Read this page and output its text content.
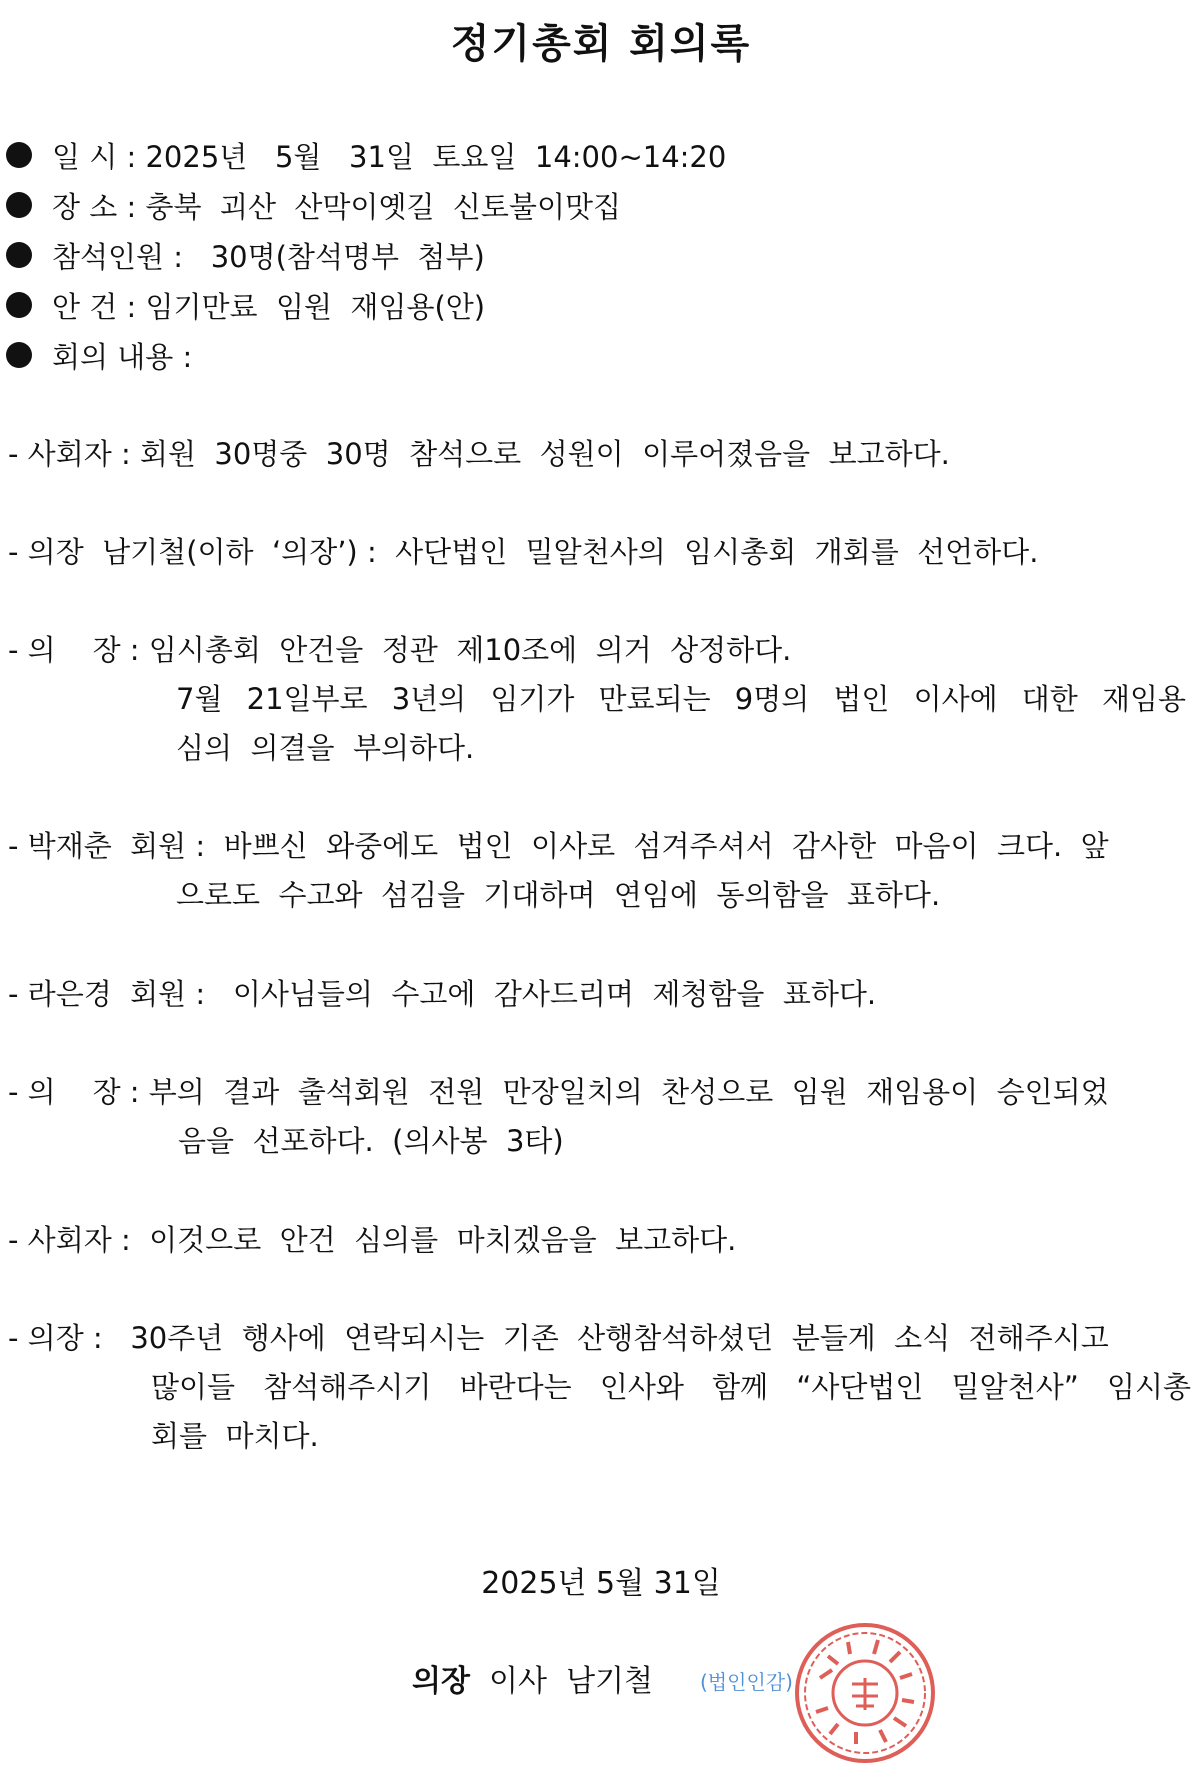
정기총회 회의록
일 시 : 2025년   5월   31일  토요일  14:00~14:20
장 소 : 충북  괴산  산막이옛길  신토불이맛집
참석인원 : 30명(참석명부  첨부)
안 건 : 임기만료  임원  재임용(안)
회의 내용 :
- 사회자 : 회원  30명중  30명  참석으로  성원이  이루어졌음을  보고하다.
- 의장  남기철(이하  ‘의장’) :  사단법인  밀알천사의  임시총회  개회를  선언하다.
- 의    장 : 임시총회  안건을  정관  제10조에  의거  상정하다.
7월 21일부로 3년의 임기가 만료되는 9명의 법인 이사에 대한 재임용
심의  의결을  부의하다.
- 박재춘  회원 :  바쁘신  와중에도  법인  이사로  섬겨주셔서  감사한  마음이  크다.  앞
으로도  수고와  섬김을  기대하며  연임에  동의함을  표하다.
- 라은경  회원 :   이사님들의  수고에  감사드리며  제청함을  표하다.
- 의    장 : 부의  결과  출석회원  전원  만장일치의  찬성으로  임원  재임용이  승인되었
음을  선포하다.  (의사봉  3타)
- 사회자 :  이것으로  안건  심의를  마치겠음을  보고하다.
- 의장 :   30주년  행사에  연락되시는  기존  산행참석하셨던  분들게  소식  전해주시고
많이들 참석해주시기 바란다는 인사와 함께 “사단법인 밀알천사” 임시총
회를  마치다.
2025년 5월 31일
의장 이사  남기철 (법인인감)
